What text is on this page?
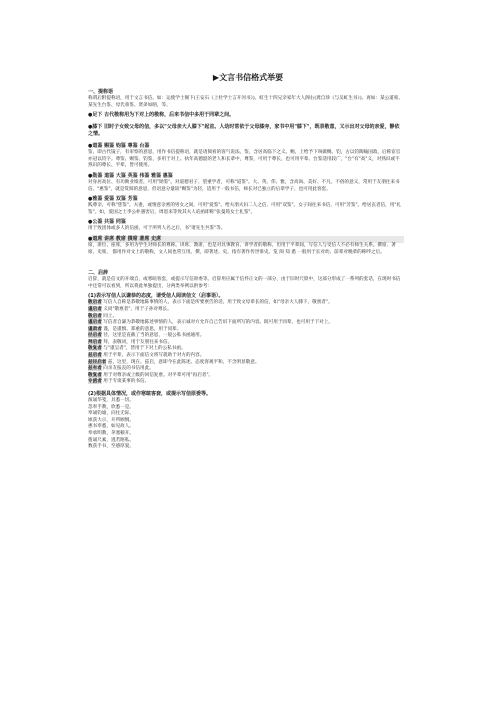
▶文言书信格式举要
一、提称语

称谓后附提称语，用于文言书信。如：运使学士阁下(王安石《上杜学士言开河书》)。虹生十四兄亲家年大人阁右(龚自珍《与吴虹生书》)。再如：某公道席、某先生台鉴、母氏垂鉴、贤弟如晤，等。

●足下 古代敬称用为下对上的敬称，后来书信中多用于同辈之间。
●膝下 旧时子女致父母的信，多以"父母亲大人膝下"起首。人幼时常依于父母膝旁，家书中用"膝下"，既表敬意，又示出对父母的亲爱，静依之情。
●道鉴 赐鉴 钧鉴 尊鉴 台鉴

鉴，即古代镜子，有审察的意思，用作书信提称语，就是请阅看的客气说法。鉴，含居高临下之义。赐，上给予下叫做赐。钧，古以钧陶喻国政，后称宦官亦冠以钧字。尊鉴、赐鉴、钧鉴，多用于对上。执年高德韶的老人和长辈中，尊鉴，可用于尊长，也可用平辈。台鉴适用较广，"台"有"高"义，对熟识或不熟识的尊长、平辈，皆可使用。

●勋鉴 道鉴 大鉴 英鉴 伟鉴 雅鉴 惠鉴

对身居高位、有功勋业绩者，可用"勋鉴"。对道德君子、望重学者，可称"道鉴"。大、英、伟、雅，含高尚、美好、不凡、不俗的意义，常用于友朋往来书信。"惠鉴"，就是赏阅的意思，但语意分量较"赐鉴"为轻，适用于一般书信，师长对已独立的后辈学子，也可用此客套。

●雅鉴 爱鉴 双鉴 芳鉴

践尊亲，可称"慈鉴"。夫妻，或情意亲密的男女之间，可用"爱鉴"。给夫朋夫妇二人之信，可用"双鉴"。女子间往来书信，可用"芳鉴"。给居丧者信，用"礼鉴"。如，爱国之士李公朴遇害后，周恩来等致其夫人唁函即称"张曼筠女士礼鉴"。

●公鉴 共鉴 同鉴

用于致团体或多人的信函，可于所列人名之后，书"诸先生共鉴"等。

●道席 讲席 教席 撰席 著席 史席

席，席位、座席，多用为学生对师长的尊称。讲席、教席，也是对具事教育、讲学者的敬称，但用于平辈间，写信人与受信人不必有师生关系。撰席、著席、史席， 都用作对文上的敬称，文人间也常互用。撰，即著述。史，指有著作传世垂史。览 阅 知 悉 一般用于长对幼、前辈对晚辈的称呼之后。

二、启辞

启辞，就是信文的开端自，或寒暄客套，或提示写信原委等。启辞用应属于信件正文的一部分，由于旧时尺牍中，这部分形成了一系列的套话，在现时书信中还常可以看到，所以将此单独提出，分两类举例以供参考：

(1)表示写信人以谦恭的态度，请受信人阅读信文（启事语）。

敬启者 写信人自称是恭敬地陈事情的人，表示下面是所要禀告的话，用于致文母辈长的信，如"母亲大人膝下，敬禀者"。

谨启者 义同"敬禀者"，用于子孙对尊长。

敬启者 同上。

谨启者 写信者自谦为恭敬地陈述事情的人，表示诚对方允许自己告诉下面所写的内容。既可用于同辈，也可用于下对上。

谨肃者 谨，是谨慎、郑重的意思，用于同辈。

径启者 径，这里是直截了当的意思，一般公私书函通用。

拜启者 拜，表敬词，用于友朋往来书信。

敬复者 与"谨呈者"，皆用于下对上的公私书函。

兹启者 用于平辈，表示下面信文将写就助于对方的内容。

兹径启者 兹，这里，现在。兹启，意即今在此陈述。态度客观平和，不含明显敬意。

兹有者 向亲友报丧的书信用此。

敬复者 用于对尊亲或上级的回信复禀。对平辈可用"再启者"。

专函者 用于专谈某事的书信。

(2)根据具体情况，或作寒暄客套，或提示写信原委等。

演诵华笺，具悉一切。

忽奉手教，欣悉一是。

奉诵钧谕，向往无际。

顷获大示，开所顾悯。

惠书奉悉，如见故人。

奉承明教，茅塞顿开。

拨诵尺素，逃若晤私。

数获手书，至感厚爱。
